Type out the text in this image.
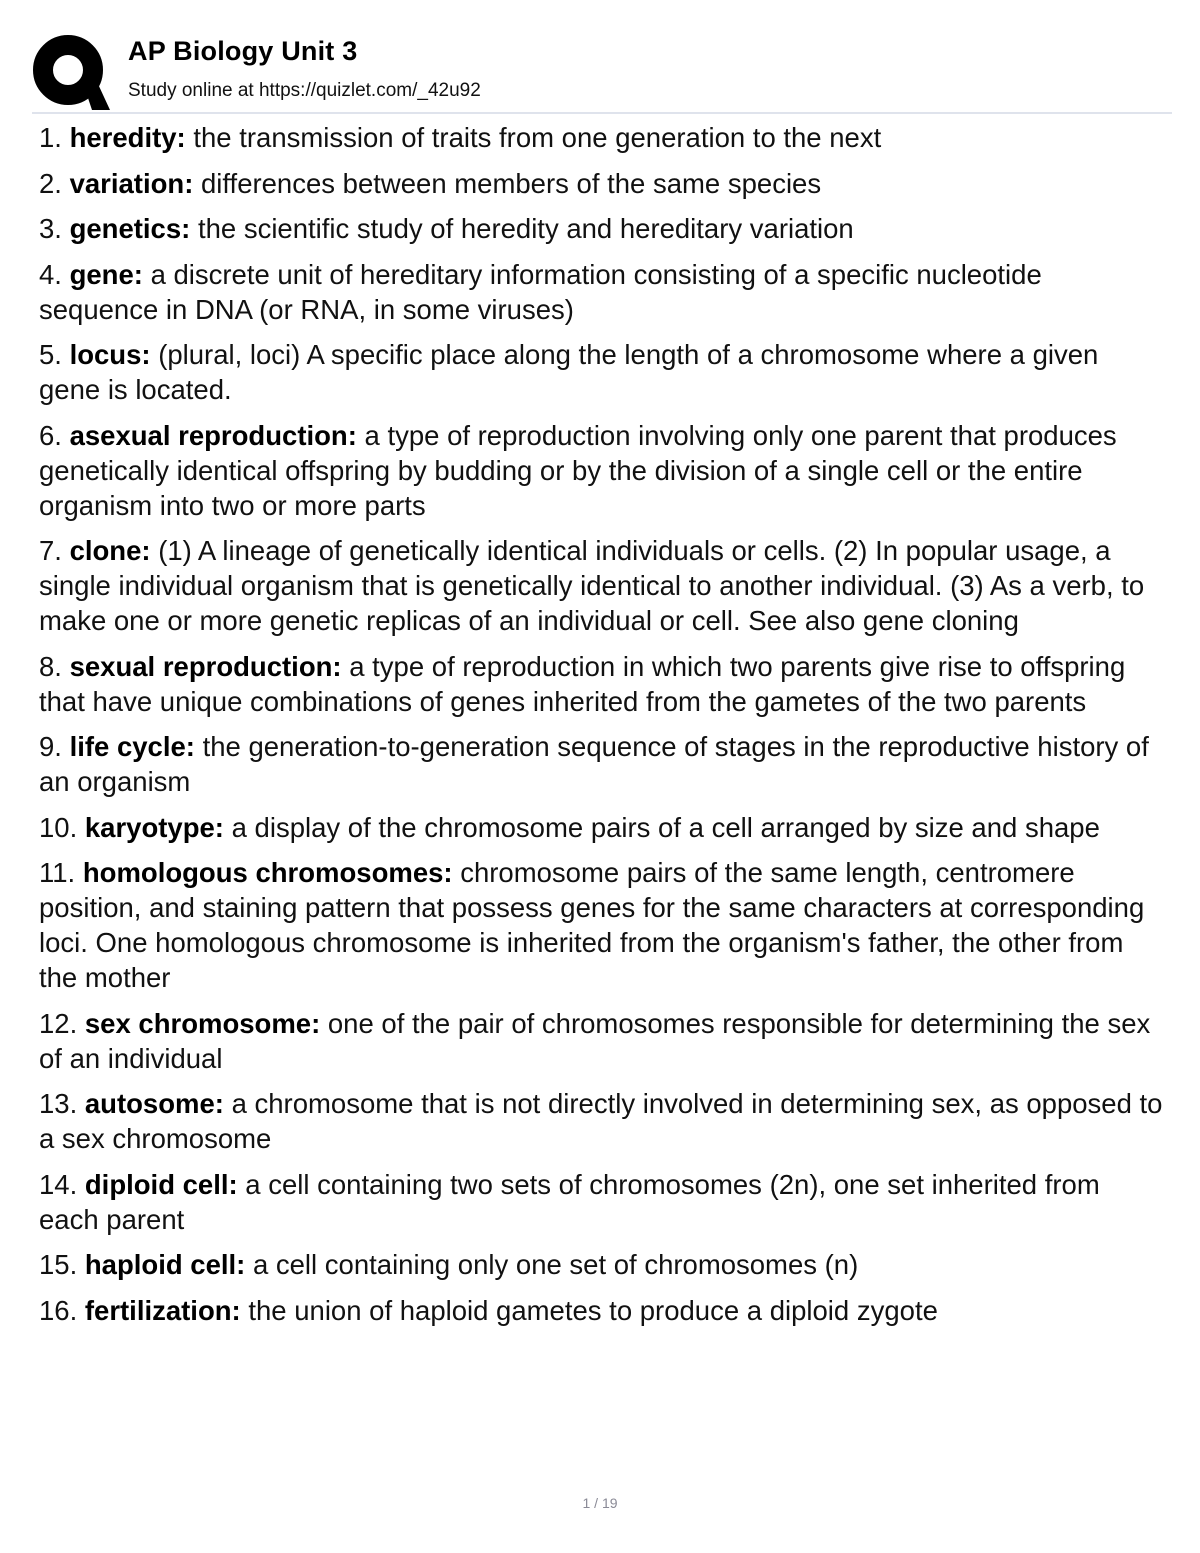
AP Biology Unit 3
Study online at https://quizlet.com/_42u92
1. heredity: the transmission of traits from one generation to the next
2. variation: differences between members of the same species
3. genetics: the scientific study of heredity and hereditary variation
4. gene: a discrete unit of hereditary information consisting of a specific nucleotide sequence in DNA (or RNA, in some viruses)
5. locus: (plural, loci) A specific place along the length of a chromosome where a given gene is located.
6. asexual reproduction: a type of reproduction involving only one parent that produces genetically identical offspring by budding or by the division of a single cell or the entire organism into two or more parts
7. clone: (1) A lineage of genetically identical individuals or cells. (2) In popular usage, a single individual organism that is genetically identical to another individual. (3) As a verb, to make one or more genetic replicas of an individual or cell. See also gene cloning
8. sexual reproduction: a type of reproduction in which two parents give rise to offspring that have unique combinations of genes inherited from the gametes of the two parents
9. life cycle: the generation-to-generation sequence of stages in the reproductive history of an organism
10. karyotype: a display of the chromosome pairs of a cell arranged by size and shape
11. homologous chromosomes: chromosome pairs of the same length, centromere position, and staining pattern that possess genes for the same characters at corresponding loci. One homologous chromosome is inherited from the organism's father, the other from the mother
12. sex chromosome: one of the pair of chromosomes responsible for determining the sex of an individual
13. autosome: a chromosome that is not directly involved in determining sex, as opposed to a sex chromosome
14. diploid cell: a cell containing two sets of chromosomes (2n), one set inherited from each parent
15. haploid cell: a cell containing only one set of chromosomes (n)
16. fertilization: the union of haploid gametes to produce a diploid zygote
1 / 19
